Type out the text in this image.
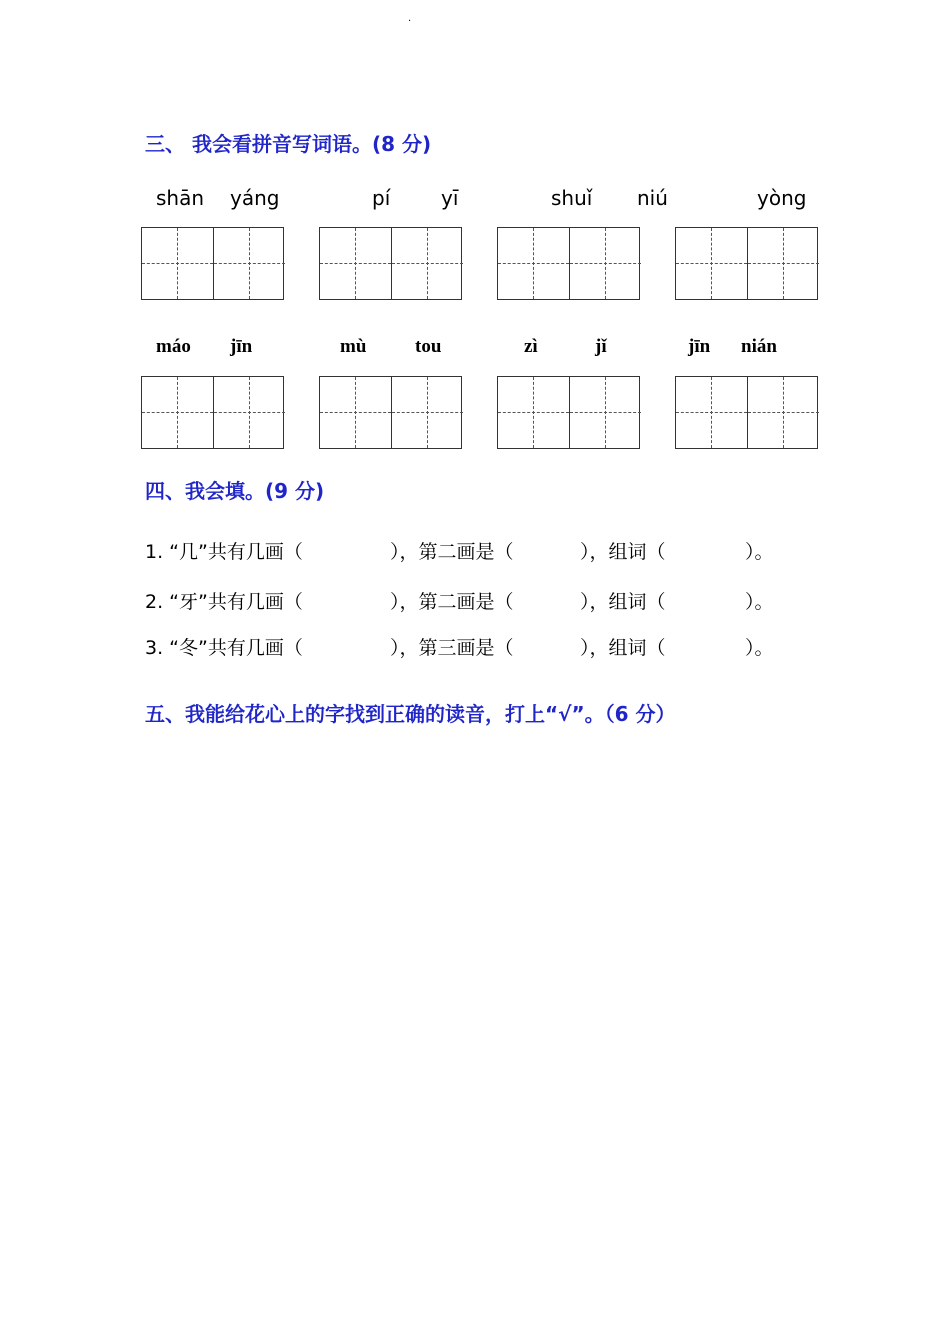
.
三、 我会看拼音写词语。(8 分)
shān yáng	pí	yī	shuǐ niú	yòng
máo jīn	mù	tou	zì	jǐ	jīn nián
四、我会填。(9 分)
1. “几”共有几画（	），第二画是（	），组词（	）。
2. “牙”共有几画（	），第二画是（	），组词（	）。
3. “冬”共有几画（	），第三画是（	），组词（	）。
五、我能给花心上的字找到正确的读音，打上“√”。（6 分）
